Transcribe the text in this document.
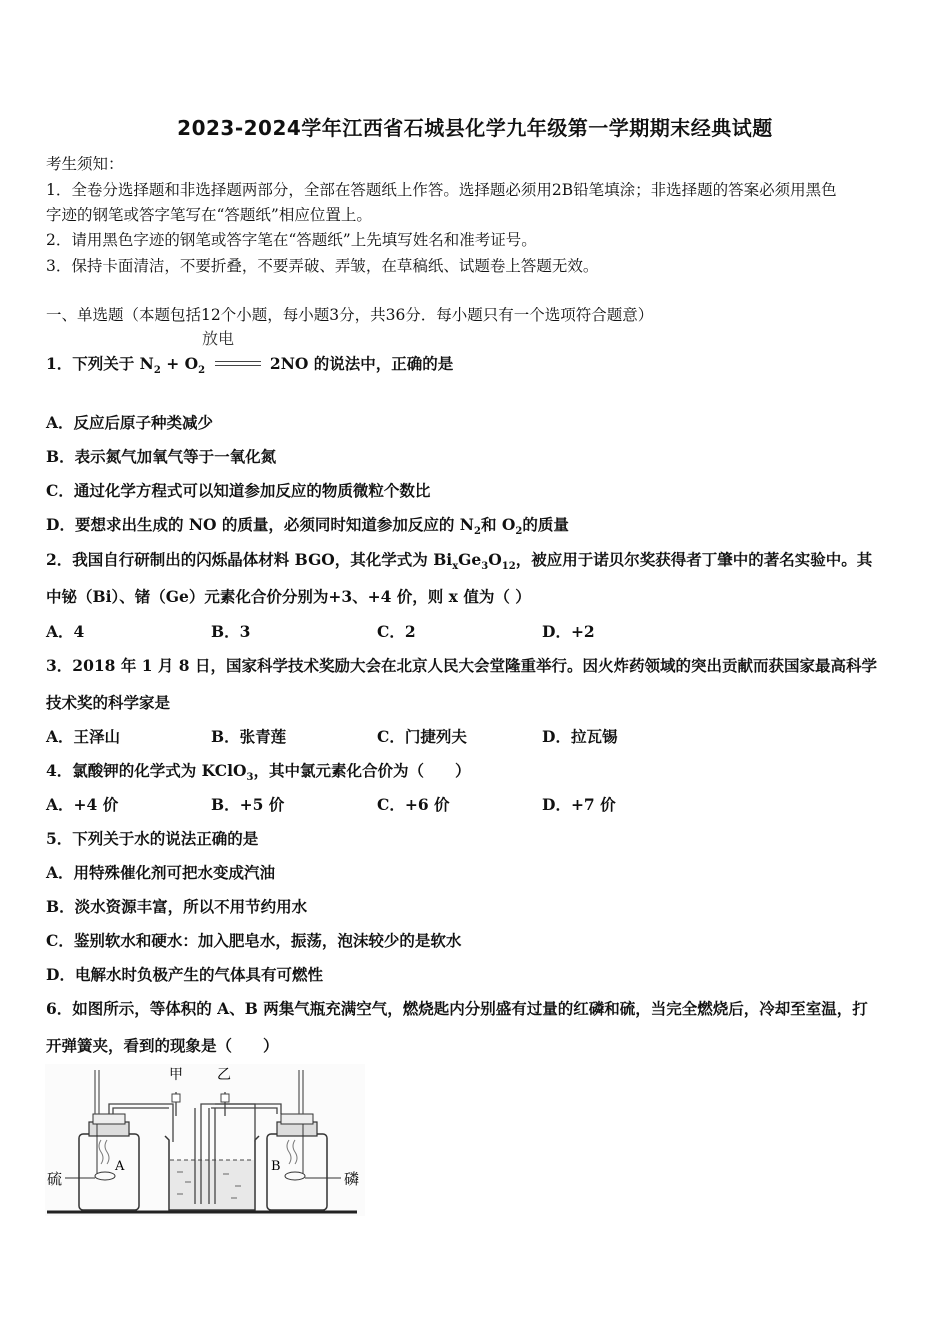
2023-2024学年江西省石城县化学九年级第一学期期末经典试题
考生须知：
1．全卷分选择题和非选择题两部分，全部在答题纸上作答。选择题必须用2B铅笔填涂；非选择题的答案必须用黑色
字迹的钢笔或答字笔写在“答题纸”相应位置上。
2．请用黑色字迹的钢笔或答字笔在“答题纸”上先填写姓名和准考证号。
3．保持卡面清洁，不要折叠，不要弄破、弄皱，在草稿纸、试题卷上答题无效。
一、单选题（本题包括12个小题，每小题3分，共36分．每小题只有一个选项符合题意）
放电
1．下列关于 $N_2 + O_2$	2NO 的说法中，正确的是
A．反应后原子种类减少
B．表示氮气加氧气等于一氧化氮
C．通过化学方程式可以知道参加反应的物质微粒个数比
D．要想求出生成的 NO 的质量，必须同时知道参加反应的 $N_2$和 $O_2$的质量
2．我国自行研制出的闪烁晶体材料 BGO，其化学式为 $Bi_xGe_3O_{12}$，被应用于诺贝尔奖获得者丁肇中的著名实验中。其
中铋（Bi）、锗（Ge）元素化合价分别为+3、+4 价，则 x 值为（ ）
A．4	B．3	C．2	D．+2
3．2018 年 1 月 8 日，国家科学技术奖励大会在北京人民大会堂隆重举行。因火炸药领域的突出贡献而获国家最高科学
技术奖的科学家是
A．王泽山	B．张青莲	C．门捷列夫	D．拉瓦锡
4．氯酸钾的化学式为 KClO$_3$，其中氯元素化合价为（　　）
A．+4 价	B．+5 价	C．+6 价	D．+7 价
5．下列关于水的说法正确的是
A．用特殊催化剂可把水变成汽油
B．淡水资源丰富，所以不用节约用水
C．鉴别软水和硬水：加入肥皂水，振荡，泡沫较少的是软水
D．电解水时负极产生的气体具有可燃性
6．如图所示，等体积的 A、B 两集气瓶充满空气，燃烧匙内分别盛有过量的红磷和硫，当完全燃烧后，冷却至室温，打
开弹簧夹，看到的现象是（　　）
A
硫
甲 乙
B
磷
